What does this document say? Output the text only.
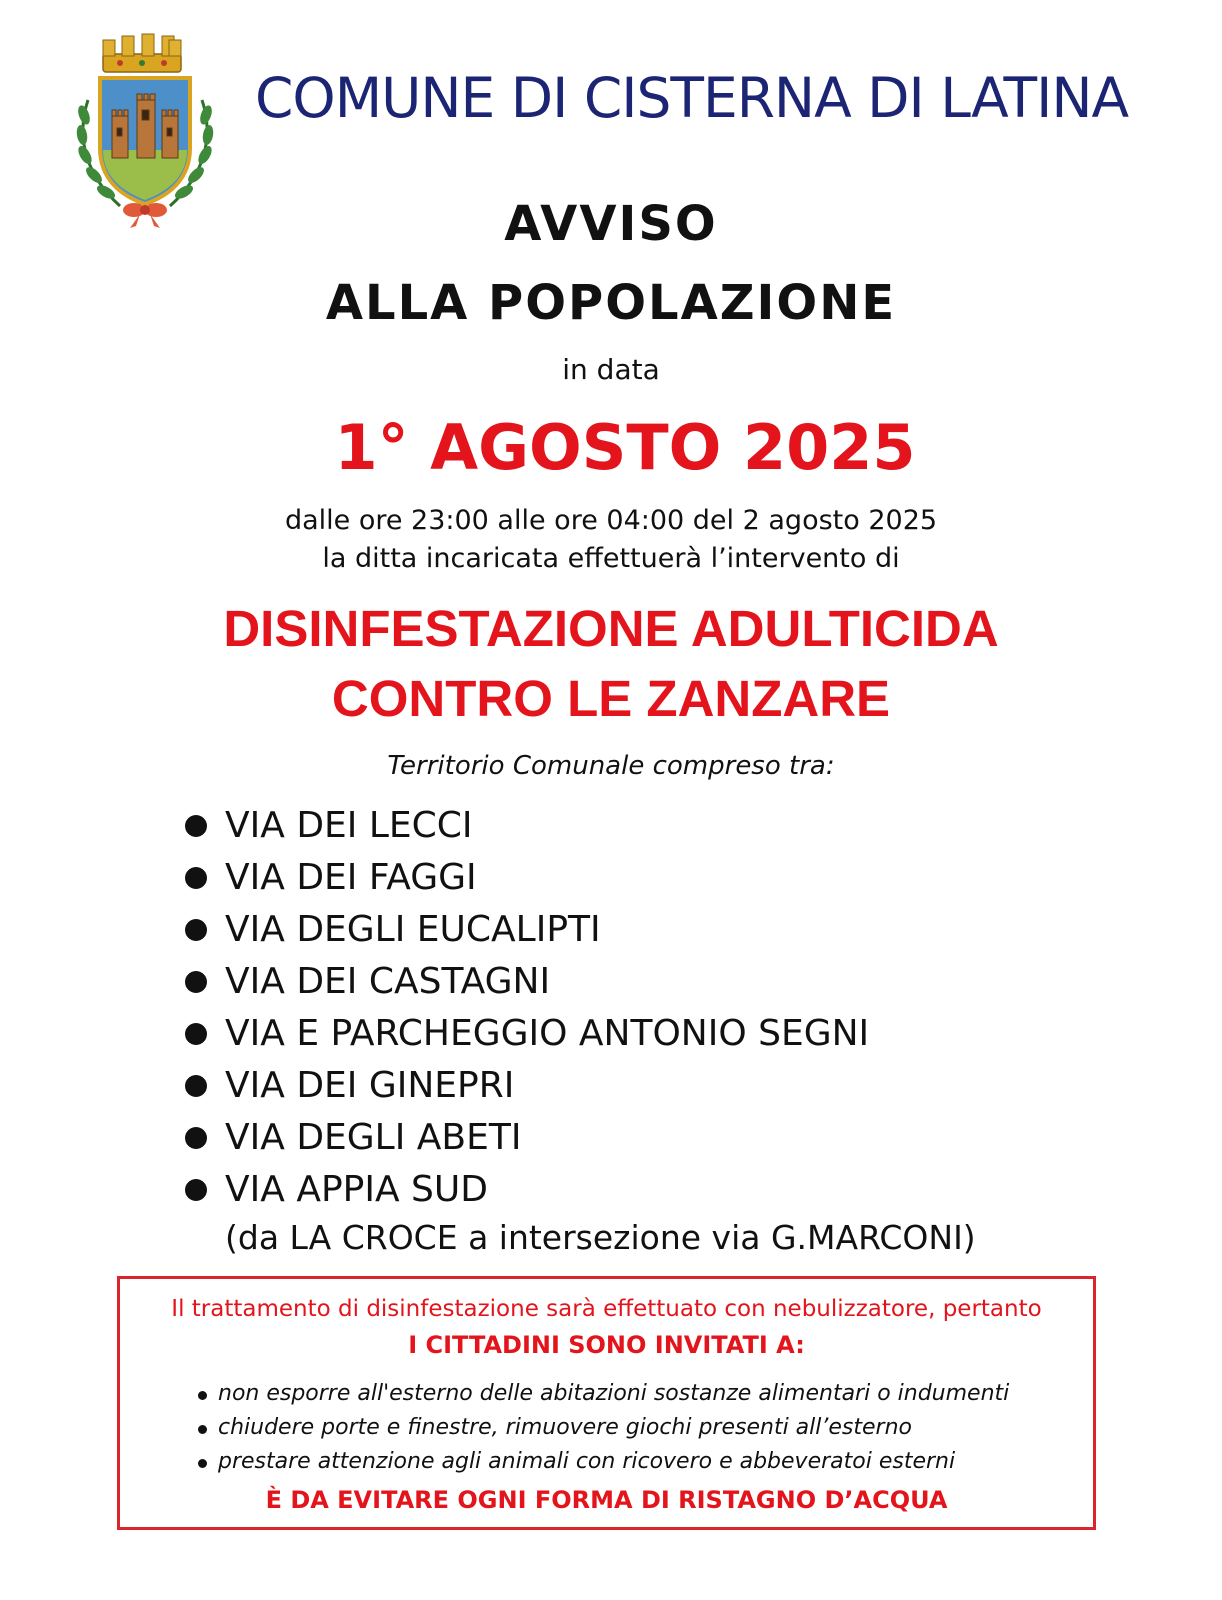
COMUNE DI CISTERNA DI LATINA
AVVISO
ALLA POPOLAZIONE
in data
1° AGOSTO 2025
dalle ore 23:00 alle ore 04:00 del 2 agosto 2025
la ditta incaricata effettuerà l’intervento di
DISINFESTAZIONE ADULTICIDA
CONTRO LE ZANZARE
Territorio Comunale compreso tra:
VIA DEI LECCI
VIA DEI FAGGI
VIA DEGLI EUCALIPTI
VIA DEI CASTAGNI
VIA E PARCHEGGIO ANTONIO SEGNI
VIA DEI GINEPRI
VIA DEGLI ABETI
VIA APPIA SUD
(da LA CROCE a intersezione via G.MARCONI)
Il trattamento di disinfestazione sarà effettuato con nebulizzatore, pertanto
I CITTADINI SONO INVITATI A:
non esporre all'esterno delle abitazioni sostanze alimentari o indumenti
chiudere porte e finestre, rimuovere giochi presenti all’esterno
prestare attenzione agli animali con ricovero e abbeveratoi esterni
È DA EVITARE OGNI FORMA DI RISTAGNO D’ACQUA
